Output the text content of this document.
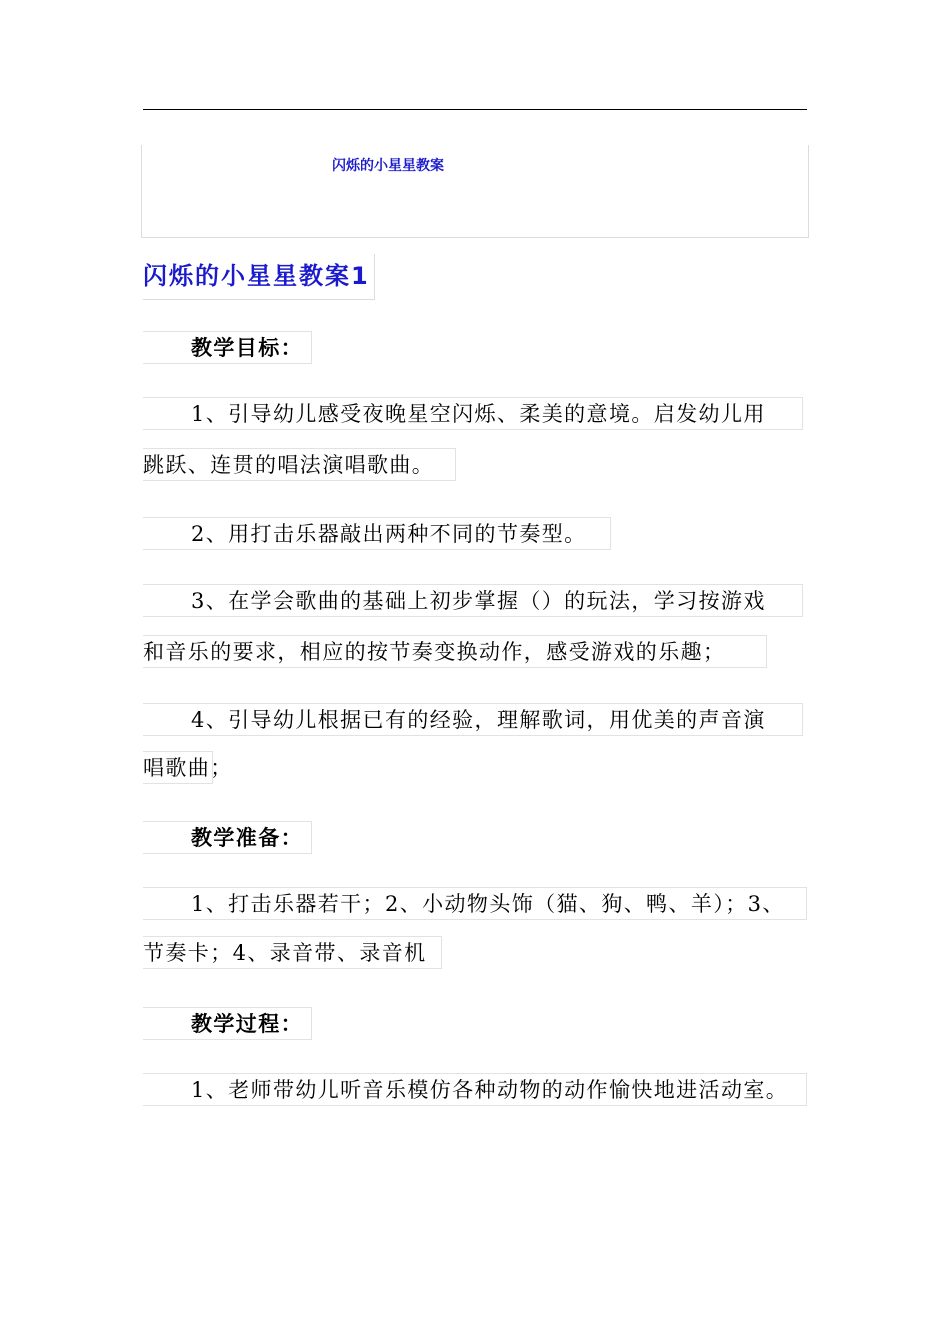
闪烁的小星星教案
闪烁的小星星教案1
教学目标：
1、引导幼儿感受夜晚星空闪烁、柔美的意境。启发幼儿用
跳跃、连贯的唱法演唱歌曲。
2、用打击乐器敲出两种不同的节奏型。
3、在学会歌曲的基础上初步掌握（）的玩法，学习按游戏
和音乐的要求，相应的按节奏变换动作，感受游戏的乐趣；
4、引导幼儿根据已有的经验，理解歌词，用优美的声音演
唱歌曲；
教学准备：
1、打击乐器若干；2、小动物头饰（猫、狗、鸭、羊）；3、
节奏卡；4、录音带、录音机
教学过程：
1、老师带幼儿听音乐模仿各种动物的动作愉快地进活动室。
